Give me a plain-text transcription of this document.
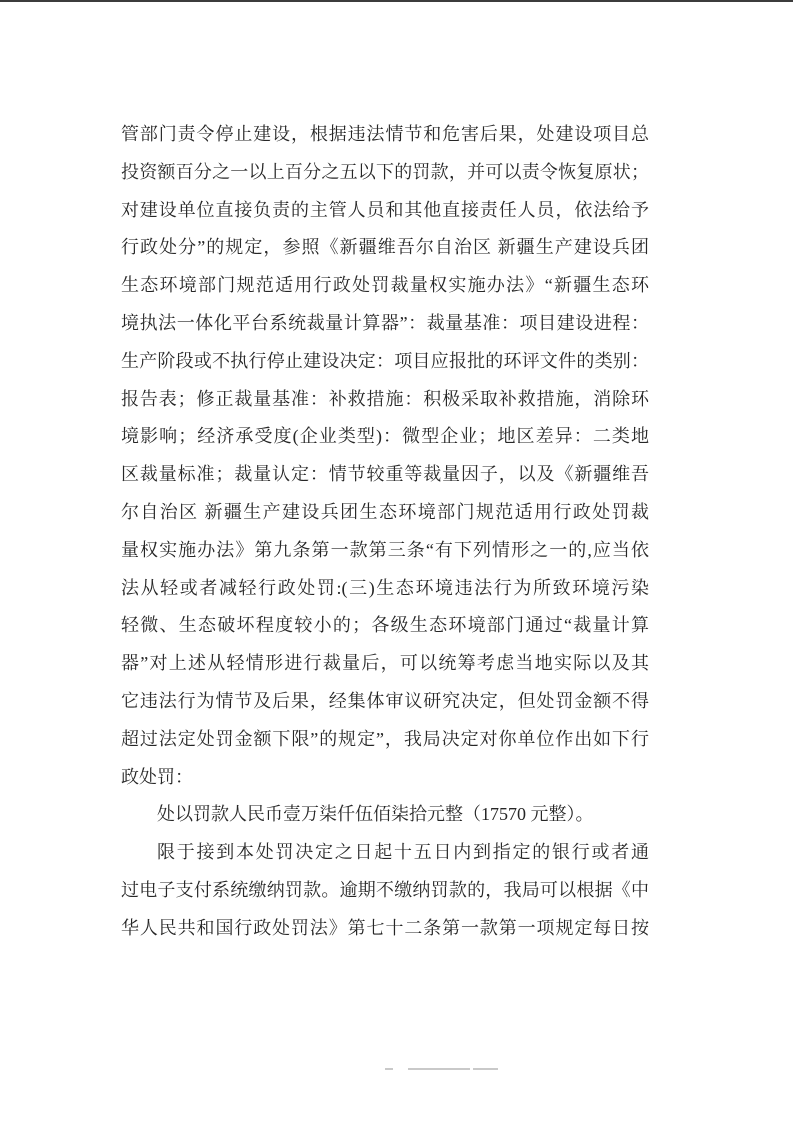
管部门责令停止建设，根据违法情节和危害后果，处建设项目总
投资额百分之一以上百分之五以下的罚款，并可以责令恢复原状；
对建设单位直接负责的主管人员和其他直接责任人员，依法给予
行政处分”的规定，参照《新疆维吾尔自治区 新疆生产建设兵团
生态环境部门规范适用行政处罚裁量权实施办法》“新疆生态环
境执法一体化平台系统裁量计算器”：裁量基准：项目建设进程：
生产阶段或不执行停止建设决定：项目应报批的环评文件的类别：
报告表；修正裁量基准：补救措施：积极采取补救措施，消除环
境影响；经济承受度(企业类型)：微型企业；地区差异：二类地
区裁量标准；裁量认定：情节较重等裁量因子，以及《新疆维吾
尔自治区 新疆生产建设兵团生态环境部门规范适用行政处罚裁
量权实施办法》第九条第一款第三条“有下列情形之一的,应当依
法从轻或者减轻行政处罚:(三)生态环境违法行为所致环境污染
轻微、生态破坏程度较小的；各级生态环境部门通过“裁量计算
器”对上述从轻情形进行裁量后，可以统筹考虑当地实际以及其
它违法行为情节及后果，经集体审议研究决定，但处罚金额不得
超过法定处罚金额下限”的规定”，我局决定对你单位作出如下行
政处罚：
处以罚款人民币壹万柒仟伍佰柒拾元整（17570 元整）。
限于接到本处罚决定之日起十五日内到指定的银行或者通
过电子支付系统缴纳罚款。逾期不缴纳罚款的，我局可以根据《中
华人民共和国行政处罚法》第七十二条第一款第一项规定每日按
